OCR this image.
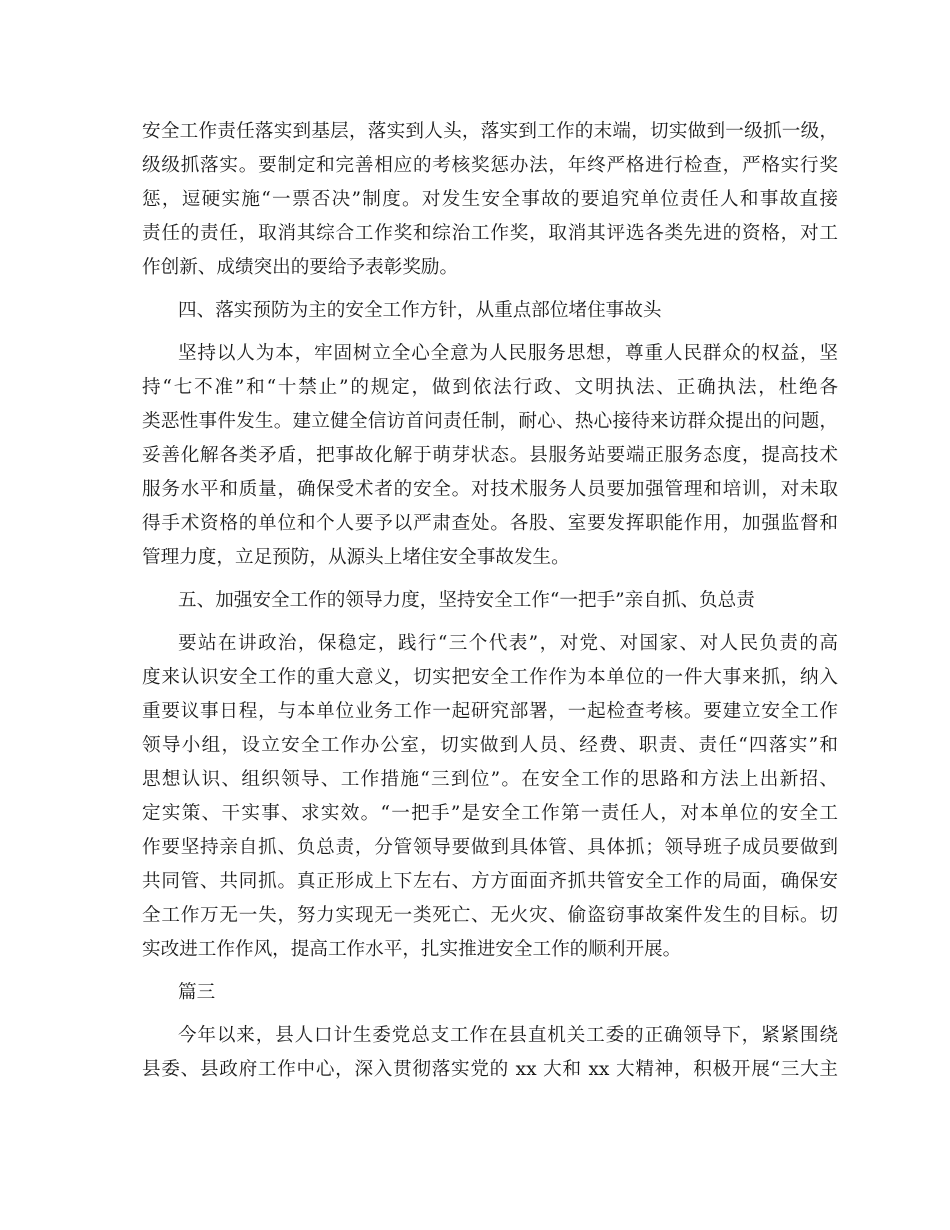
安全工作责任落实到基层，落实到人头，落实到工作的末端，切实做到一级抓一级，
级级抓落实。要制定和完善相应的考核奖惩办法，年终严格进行检查，严格实行奖
惩，逗硬实施“一票否决”制度。对发生安全事故的要追究单位责任人和事故直接
责任的责任，取消其综合工作奖和综治工作奖，取消其评选各类先进的资格，对工
作创新、成绩突出的要给予表彰奖励。
四、落实预防为主的安全工作方针，从重点部位堵住事故头
坚持以人为本，牢固树立全心全意为人民服务思想，尊重人民群众的权益，坚
持“七不准”和“十禁止”的规定，做到依法行政、文明执法、正确执法，杜绝各
类恶性事件发生。建立健全信访首问责任制，耐心、热心接待来访群众提出的问题，
妥善化解各类矛盾，把事故化解于萌芽状态。县服务站要端正服务态度，提高技术
服务水平和质量，确保受术者的安全。对技术服务人员要加强管理和培训，对未取
得手术资格的单位和个人要予以严肃查处。各股、室要发挥职能作用，加强监督和
管理力度，立足预防，从源头上堵住安全事故发生。
五、加强安全工作的领导力度，坚持安全工作“一把手”亲自抓、负总责
要站在讲政治，保稳定，践行“三个代表”，对党、对国家、对人民负责的高
度来认识安全工作的重大意义，切实把安全工作作为本单位的一件大事来抓，纳入
重要议事日程，与本单位业务工作一起研究部署，一起检查考核。要建立安全工作
领导小组，设立安全工作办公室，切实做到人员、经费、职责、责任“四落实”和
思想认识、组织领导、工作措施“三到位”。在安全工作的思路和方法上出新招、
定实策、干实事、求实效。“一把手”是安全工作第一责任人，对本单位的安全工
作要坚持亲自抓、负总责，分管领导要做到具体管、具体抓；领导班子成员要做到
共同管、共同抓。真正形成上下左右、方方面面齐抓共管安全工作的局面，确保安
全工作万无一失，努力实现无一类死亡、无火灾、偷盗窃事故案件发生的目标。切
实改进工作作风，提高工作水平，扎实推进安全工作的顺利开展。
篇三
今年以来，县人口计生委党总支工作在县直机关工委的正确领导下，紧紧围绕
县委、县政府工作中心，深入贯彻落实党的 xx 大和 xx 大精神，积极开展“三大主
